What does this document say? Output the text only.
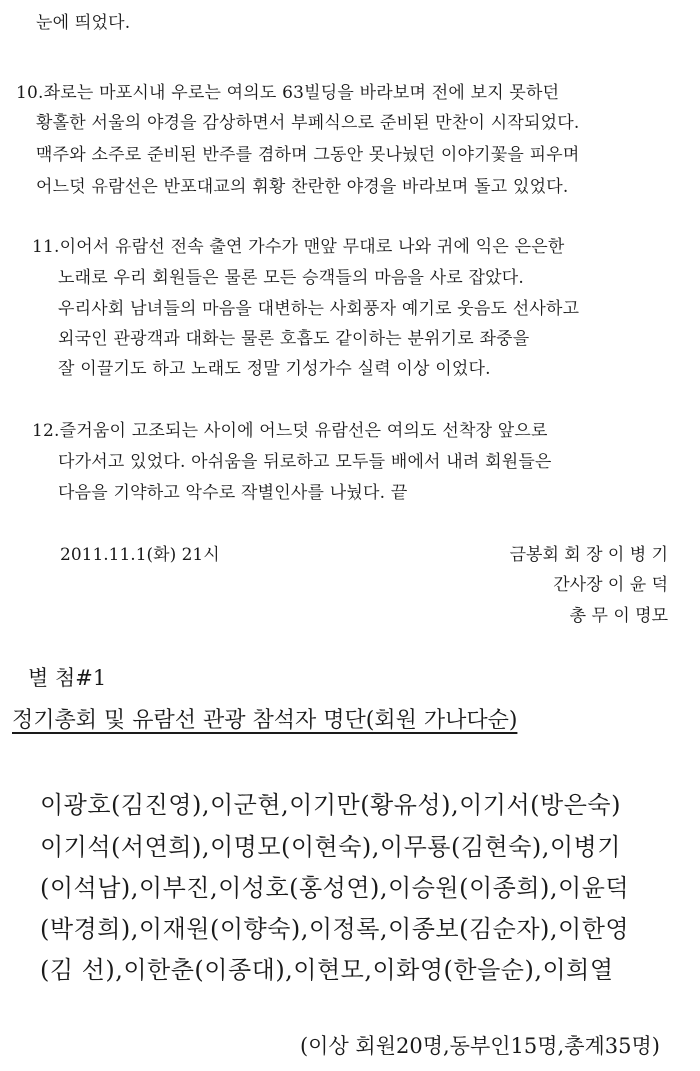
눈에 띄었다.
10.좌로는 마포시내 우로는 여의도 63빌딩을 바라보며 전에 보지 못하던
황홀한 서울의 야경을 감상하면서 부페식으로 준비된 만찬이 시작되었다.
맥주와 소주로 준비된 반주를 겸하며 그동안 못나눴던 이야기꽃을 피우며
어느덧 유람선은 반포대교의 휘황 찬란한 야경을 바라보며 돌고 있었다.
11.이어서 유람선 전속 출연 가수가 맨앞 무대로 나와 귀에 익은 은은한
노래로 우리 회원들은 물론 모든 승객들의 마음을 사로 잡았다.
우리사회 남녀들의 마음을 대변하는 사회풍자 예기로 웃음도 선사하고
외국인 관광객과 대화는 물론 호흡도 같이하는 분위기로 좌중을
잘 이끌기도 하고 노래도 정말 기성가수 실력 이상 이었다.
12.즐거움이 고조되는 사이에 어느덧 유람선은 여의도 선착장 앞으로
다가서고 있었다. 아쉬움을 뒤로하고 모두들 배에서 내려 회원들은
다음을 기약하고 악수로 작별인사를 나눴다. 끝
2011.11.1(화) 21시	금봉회 회 장 이 병 기
간사장 이 윤 덕
총 무 이 명모
별 첨#1
정기총회 및 유람선 관광 참석자 명단(회원 가나다순)
이광호(김진영),이군현,이기만(황유성),이기서(방은숙)
이기석(서연희),이명모(이현숙),이무룡(김현숙),이병기
(이석남),이부진,이성호(홍성연),이승원(이종희),이윤덕
(박경희),이재원(이향숙),이정록,이종보(김순자),이한영
(김 선),이한춘(이종대),이현모,이화영(한을순),이희열
(이상 회원20명,동부인15명,총계35명)
